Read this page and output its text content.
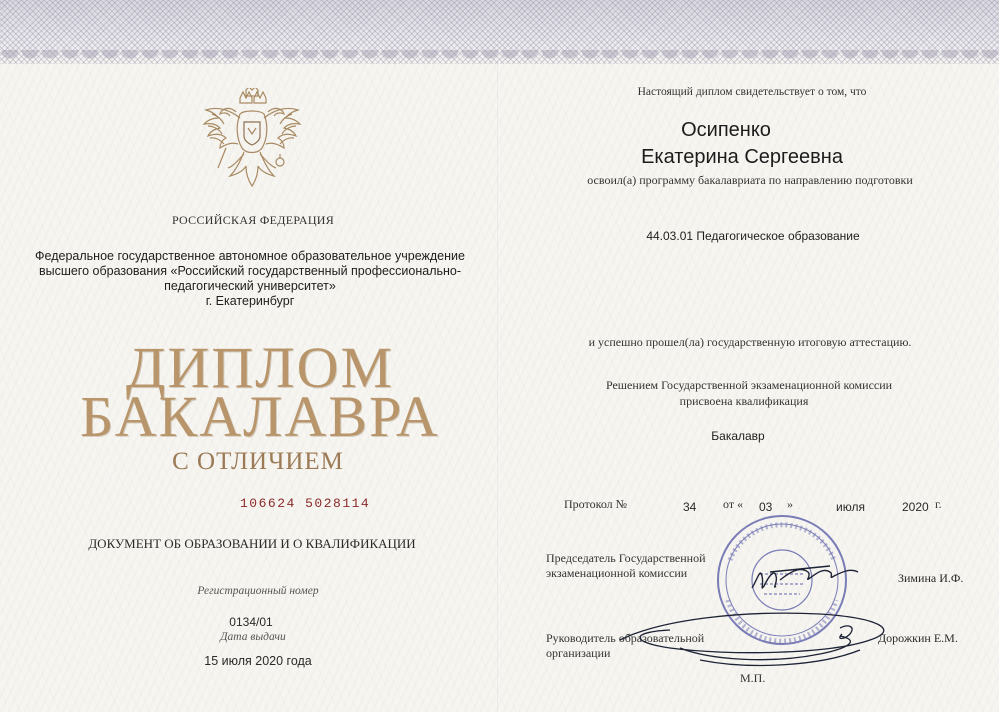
РОССИЙСКАЯ ФЕДЕРАЦИЯ
Федеральное государственное автономное образовательное учреждение
высшего образования «Российский государственный профессионально-
педагогический университет»
г. Екатеринбург
ДИПЛОМ
БАКАЛАВРА
С ОТЛИЧИЕМ
106624 5028114
ДОКУМЕНТ ОБ ОБРАЗОВАНИИ И О КВАЛИФИКАЦИИ
Регистрационный номер
0134/01
Дата выдачи
15 июля 2020 года
Настоящий диплом свидетельствует о том, что
Осипенко
Екатерина Сергеевна
освоил(а) программу бакалавриата по направлению подготовки
44.03.01 Педагогическое образование
и успешно прошел(ла) государственную итоговую аттестацию.
Решением Государственной экзаменационной комиссии
присвоена квалификация
Бакалавр
Протокол №	34 от « 03 »	июля	2020 г.
Председатель Государственной экзаменационной комиссии	Зимина И.Ф.
Руководитель образовательной организации
Дорожкин Е.М.
М.П.
